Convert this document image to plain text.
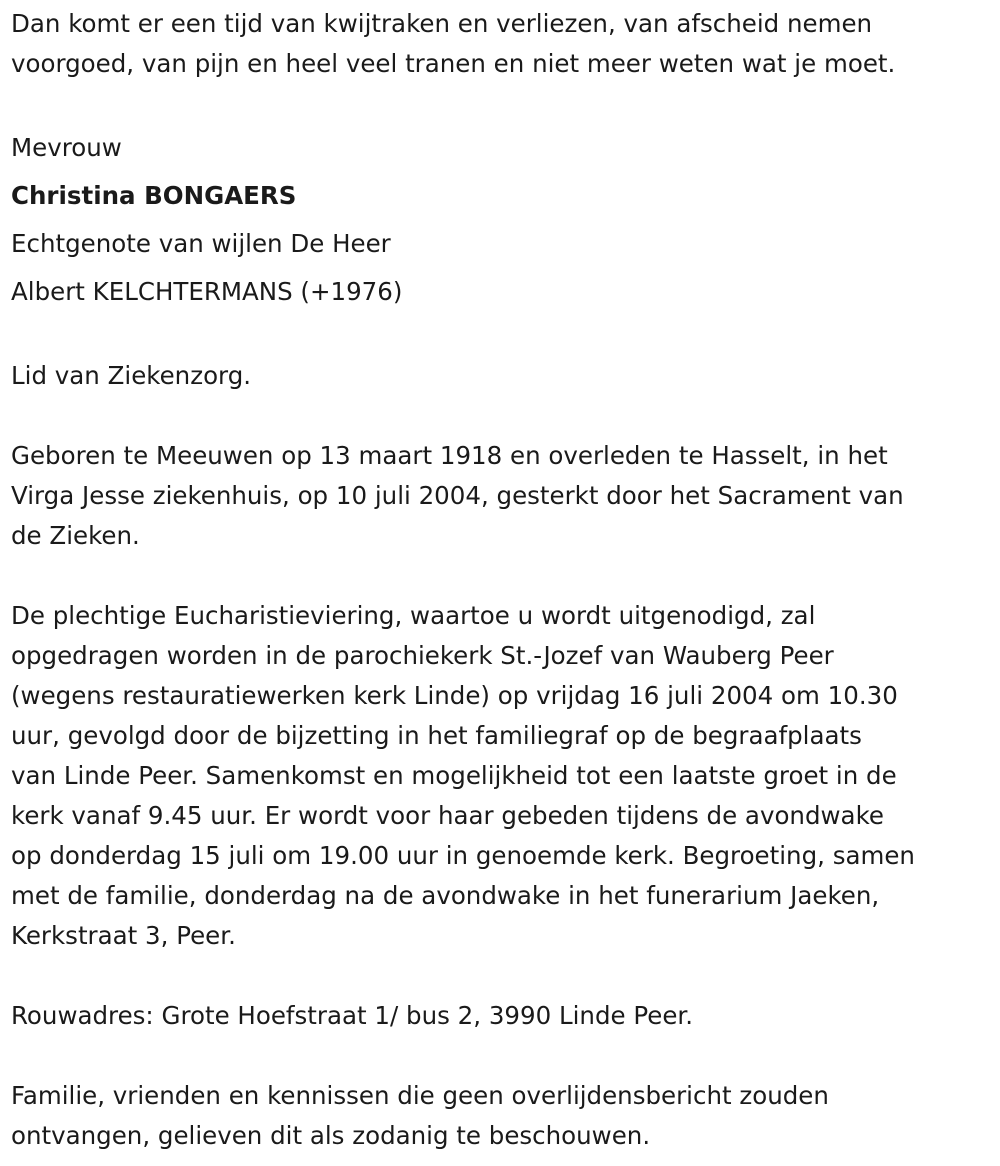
Dan komt er een tijd van kwijtraken en verliezen, van afscheid nemen
voorgoed, van pijn en heel veel tranen en niet meer weten wat je moet.
Mevrouw
Christina BONGAERS
Echtgenote van wijlen De Heer
Albert KELCHTERMANS (+1976)
Lid van Ziekenzorg.
Geboren te Meeuwen op 13 maart 1918 en overleden te Hasselt, in het
Virga Jesse ziekenhuis, op 10 juli 2004, gesterkt door het Sacrament van
de Zieken.
De plechtige Eucharistieviering, waartoe u wordt uitgenodigd, zal
opgedragen worden in de parochiekerk St.-Jozef van Wauberg Peer
(wegens restauratiewerken kerk Linde) op vrijdag 16 juli 2004 om 10.30
uur, gevolgd door de bijzetting in het familiegraf op de begraafplaats
van Linde Peer. Samenkomst en mogelijkheid tot een laatste groet in de
kerk vanaf 9.45 uur. Er wordt voor haar gebeden tijdens de avondwake
op donderdag 15 juli om 19.00 uur in genoemde kerk. Begroeting, samen
met de familie, donderdag na de avondwake in het funerarium Jaeken,
Kerkstraat 3, Peer.
Rouwadres: Grote Hoefstraat 1/ bus 2, 3990 Linde Peer.
Familie, vrienden en kennissen die geen overlijdensbericht zouden
ontvangen, gelieven dit als zodanig te beschouwen.
